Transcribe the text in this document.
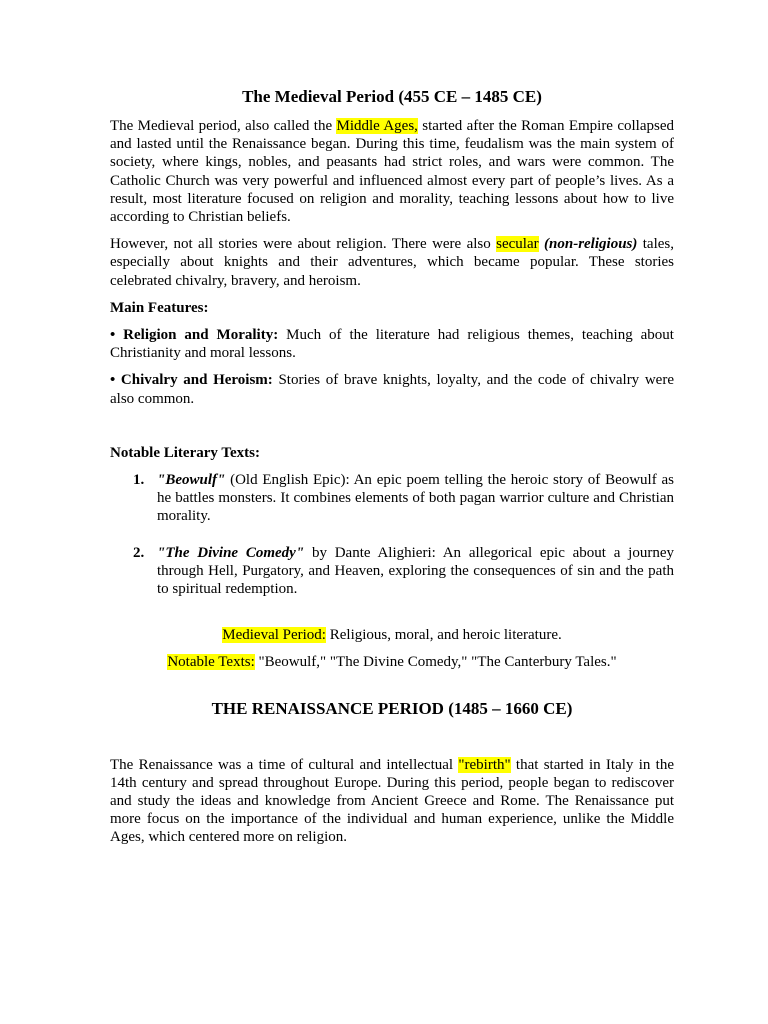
The Medieval Period (455 CE – 1485 CE)

The Medieval period, also called the Middle Ages, started after the Roman Empire collapsed and lasted until the Renaissance began. During this time, feudalism was the main system of society, where kings, nobles, and peasants had strict roles, and wars were common. The Catholic Church was very powerful and influenced almost every part of people’s lives. As a result, most literature focused on religion and morality, teaching lessons about how to live according to Christian beliefs.

However, not all stories were about religion. There were also secular (non-religious) tales, especially about knights and their adventures, which became popular. These stories celebrated chivalry, bravery, and heroism.

Main Features:

• Religion and Morality: Much of the literature had religious themes, teaching about Christianity and moral lessons.

• Chivalry and Heroism: Stories of brave knights, loyalty, and the code of chivalry were also common.

Notable Literary Texts:

1. "Beowulf" (Old English Epic): An epic poem telling the heroic story of Beowulf as he battles monsters. It combines elements of both pagan warrior culture and Christian morality.
2. "The Divine Comedy" by Dante Alighieri: An allegorical epic about a journey through Hell, Purgatory, and Heaven, exploring the consequences of sin and the path to spiritual redemption.

Medieval Period: Religious, moral, and heroic literature.

Notable Texts: "Beowulf," "The Divine Comedy," "The Canterbury Tales."

THE RENAISSANCE PERIOD (1485 – 1660 CE)

The Renaissance was a time of cultural and intellectual "rebirth" that started in Italy in the 14th century and spread throughout Europe. During this period, people began to rediscover and study the ideas and knowledge from Ancient Greece and Rome. The Renaissance put more focus on the importance of the individual and human experience, unlike the Middle Ages, which centered more on religion.
